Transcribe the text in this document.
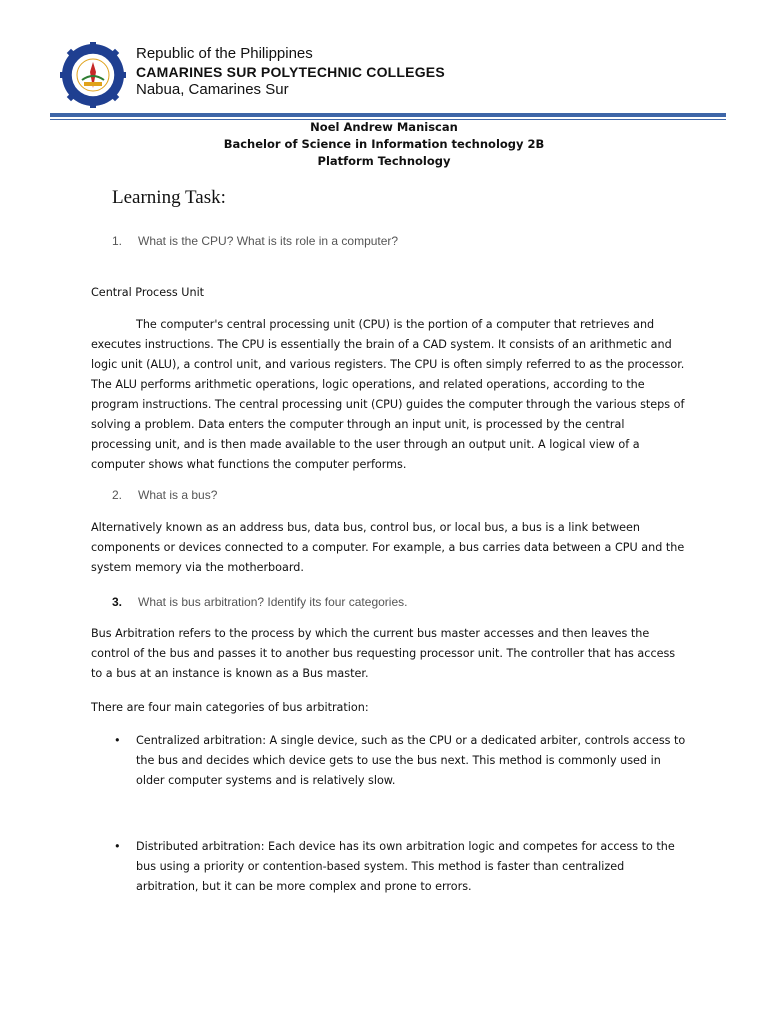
Republic of the Philippines
CAMARINES SUR POLYTECHNIC COLLEGES
Nabua, Camarines Sur
Noel Andrew Maniscan
Bachelor of Science in Information technology 2B
Platform Technology
Learning Task:
1. What is the CPU? What is its role in a computer?
Central Process Unit
The computer's central processing unit (CPU) is the portion of a computer that retrieves and executes instructions. The CPU is essentially the brain of a CAD system. It consists of an arithmetic and logic unit (ALU), a control unit, and various registers. The CPU is often simply referred to as the processor. The ALU performs arithmetic operations, logic operations, and related operations, according to the program instructions. The central processing unit (CPU) guides the computer through the various steps of solving a problem. Data enters the computer through an input unit, is processed by the central processing unit, and is then made available to the user through an output unit. A logical view of a computer shows what functions the computer performs.
2. What is a bus?
Alternatively known as an address bus, data bus, control bus, or local bus, a bus is a link between components or devices connected to a computer. For example, a bus carries data between a CPU and the system memory via the motherboard.
3. What is bus arbitration? Identify its four categories.
Bus Arbitration refers to the process by which the current bus master accesses and then leaves the control of the bus and passes it to another bus requesting processor unit. The controller that has access to a bus at an instance is known as a Bus master.
There are four main categories of bus arbitration:
• Centralized arbitration: A single device, such as the CPU or a dedicated arbiter, controls access to the bus and decides which device gets to use the bus next. This method is commonly used in older computer systems and is relatively slow.
• Distributed arbitration: Each device has its own arbitration logic and competes for access to the bus using a priority or contention-based system. This method is faster than centralized arbitration, but it can be more complex and prone to errors.
